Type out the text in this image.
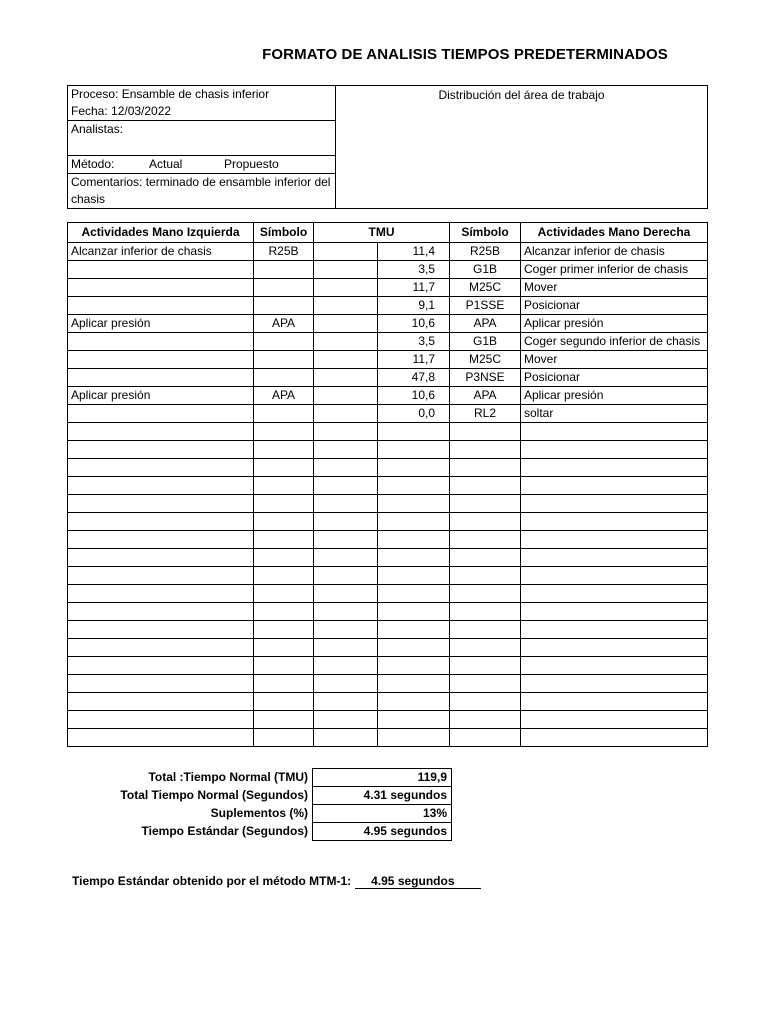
FORMATO DE ANALISIS TIEMPOS PREDETERMINADOS
Proceso: Ensamble de chasis inferior	Distribución del área de trabajo
Fecha: 12/03/2022
Analistas:
Método:	Actual	Propuesto
Comentarios: terminado de ensamble inferior del chasis
Actividades Mano Izquierda	Símbolo	TMU		Símbolo	Actividades Mano Derecha
Alcanzar inferior de chasis	R25B		11,4	R25B	Alcanzar inferior de chasis
			3,5	G1B	Coger primer inferior de chasis
			11,7	M25C	Mover
			9,1	P1SSE	Posicionar
Aplicar presión	APA		10,6	APA	Aplicar presión
			3,5	G1B	Coger segundo inferior de chasis
			11,7	M25C	Mover
			47,8	P3NSE	Posicionar
Aplicar presión	APA		10,6	APA	Aplicar presión
			0,0	RL2	soltar

Total :Tiempo Normal (TMU)	119,9
Total Tiempo Normal (Segundos)	4.31 segundos
Suplementos (%)	13%
Tiempo Estándar (Segundos)	4.95 segundos
Tiempo Estándar obtenido por el método MTM-1: 4.95 segundos
